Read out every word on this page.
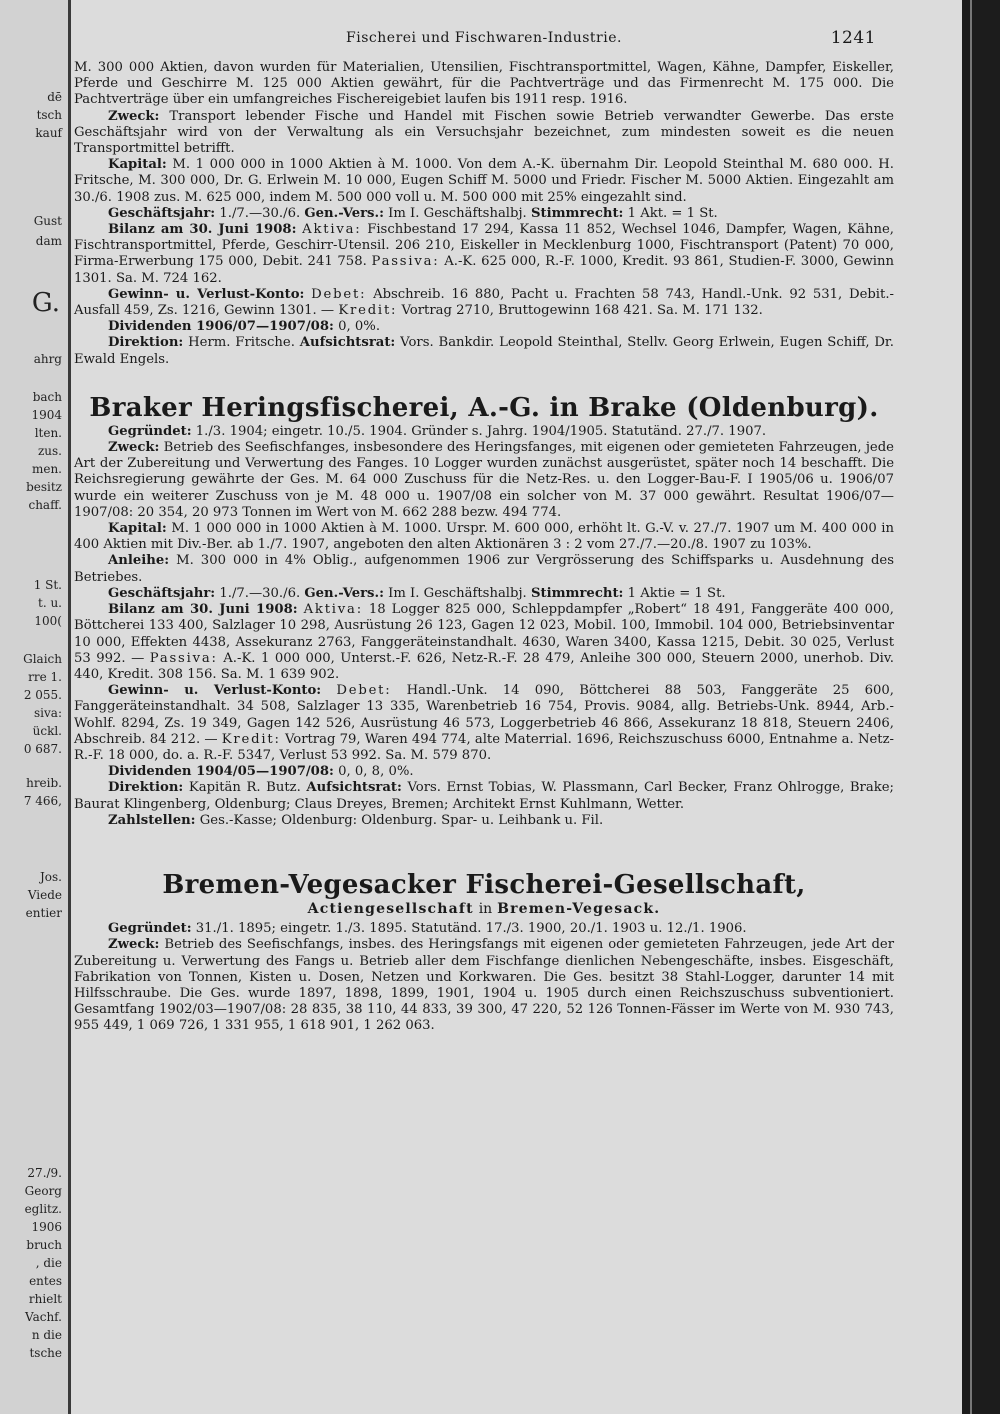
dē
tsch
kauf
Gust
dam
G.
ahrg
bach
1904
lten.
zus.
men.
besitz
chaff.
1 St.
t. u.
100(
Glaich
rre 1.
2 055.
siva:
ückl.
0 687.
hreib.
7 466,
Jos.
Viede
entier
27./9.
Georg
eglitz.
1906
bruch
, die
entes
rhielt
Vachf.
n die
tsche
Fischerei und Fischwaren-Industrie.	1241

M. 300 000 Aktien, davon wurden für Materialien, Utensilien, Fischtransportmittel, Wagen, Kähne, Dampfer, Eiskeller, Pferde und Geschirre M. 125 000 Aktien gewährt, für die Pachtverträge und das Firmenrecht M. 175 000. Die Pachtverträge über ein umfangreiches Fischereigebiet laufen bis 1911 resp. 1916.

Zweck: Transport lebender Fische und Handel mit Fischen sowie Betrieb verwandter Gewerbe. Das erste Geschäftsjahr wird von der Verwaltung als ein Versuchsjahr bezeichnet, zum mindesten soweit es die neuen Transportmittel betrifft.

Kapital: M. 1 000 000 in 1000 Aktien à M. 1000. Von dem A.-K. übernahm Dir. Leopold Steinthal M. 680 000. H. Fritsche, M. 300 000, Dr. G. Erlwein M. 10 000, Eugen Schiff M. 5000 und Friedr. Fischer M. 5000 Aktien. Eingezahlt am 30./6. 1908 zus. M. 625 000, indem M. 500 000 voll u. M. 500 000 mit 25% eingezahlt sind.

Geschäftsjahr: 1./7.—30./6. Gen.-Vers.: Im I. Geschäftshalbj. Stimmrecht: 1 Akt. = 1 St.

Bilanz am 30. Juni 1908: Aktiva: Fischbestand 17 294, Kassa 11 852, Wechsel 1046, Dampfer, Wagen, Kähne, Fischtransportmittel, Pferde, Geschirr-Utensil. 206 210, Eiskeller in Mecklenburg 1000, Fischtransport (Patent) 70 000, Firma-Erwerbung 175 000, Debit. 241 758. Passiva: A.-K. 625 000, R.-F. 1000, Kredit. 93 861, Studien-F. 3000, Gewinn 1301. Sa. M. 724 162.

Gewinn- u. Verlust-Konto: Debet: Abschreib. 16 880, Pacht u. Frachten 58 743, Handl.-Unk. 92 531, Debit.-Ausfall 459, Zs. 1216, Gewinn 1301. — Kredit: Vortrag 2710, Bruttogewinn 168 421. Sa. M. 171 132.

Dividenden 1906/07—1907/08: 0, 0%.

Direktion: Herm. Fritsche. Aufsichtsrat: Vors. Bankdir. Leopold Steinthal, Stellv. Georg Erlwein, Eugen Schiff, Dr. Ewald Engels.

Braker Heringsfischerei, A.-G. in Brake (Oldenburg).

Gegründet: 1./3. 1904; eingetr. 10./5. 1904. Gründer s. Jahrg. 1904/1905. Statutänd. 27./7. 1907.

Zweck: Betrieb des Seefischfanges, insbesondere des Heringsfanges, mit eigenen oder gemieteten Fahrzeugen, jede Art der Zubereitung und Verwertung des Fanges. 10 Logger wurden zunächst ausgerüstet, später noch 14 beschafft. Die Reichsregierung gewährte der Ges. M. 64 000 Zuschuss für die Netz-Res. u. den Logger-Bau-F. I 1905/06 u. 1906/07 wurde ein weiterer Zuschuss von je M. 48 000 u. 1907/08 ein solcher von M. 37 000 gewährt. Resultat 1906/07—1907/08: 20 354, 20 973 Tonnen im Wert von M. 662 288 bezw. 494 774.

Kapital: M. 1 000 000 in 1000 Aktien à M. 1000. Urspr. M. 600 000, erhöht lt. G.-V. v. 27./7. 1907 um M. 400 000 in 400 Aktien mit Div.-Ber. ab 1./7. 1907, angeboten den alten Aktionären 3 : 2 vom 27./7.—20./8. 1907 zu 103%.

Anleihe: M. 300 000 in 4% Oblig., aufgenommen 1906 zur Vergrösserung des Schiffsparks u. Ausdehnung des Betriebes.

Geschäftsjahr: 1./7.—30./6. Gen.-Vers.: Im I. Geschäftshalbj. Stimmrecht: 1 Aktie = 1 St.

Bilanz am 30. Juni 1908: Aktiva: 18 Logger 825 000, Schleppdampfer „Robert“ 18 491, Fanggeräte 400 000, Böttcherei 133 400, Salzlager 10 298, Ausrüstung 26 123, Gagen 12 023, Mobil. 100, Immobil. 104 000, Betriebsinventar 10 000, Effekten 4438, Assekuranz 2763, Fanggeräteinstandhalt. 4630, Waren 3400, Kassa 1215, Debit. 30 025, Verlust 53 992. — Passiva: A.-K. 1 000 000, Unterst.-F. 626, Netz-R.-F. 28 479, Anleihe 300 000, Steuern 2000, unerhob. Div. 440, Kredit. 308 156. Sa. M. 1 639 902.

Gewinn- u. Verlust-Konto: Debet: Handl.-Unk. 14 090, Böttcherei 88 503, Fanggeräte 25 600, Fanggeräteinstandhalt. 34 508, Salzlager 13 335, Warenbetrieb 16 754, Provis. 9084, allg. Betriebs-Unk. 8944, Arb.-Wohlf. 8294, Zs. 19 349, Gagen 142 526, Ausrüstung 46 573, Loggerbetrieb 46 866, Assekuranz 18 818, Steuern 2406, Abschreib. 84 212. — Kredit: Vortrag 79, Waren 494 774, alte Materrial. 1696, Reichszuschuss 6000, Entnahme a. Netz-R.-F. 18 000, do. a. R.-F. 5347, Verlust 53 992. Sa. M. 579 870.

Dividenden 1904/05—1907/08: 0, 0, 8, 0%.

Direktion: Kapitän R. Butz. Aufsichtsrat: Vors. Ernst Tobias, W. Plassmann, Carl Becker, Franz Ohlrogge, Brake; Baurat Klingenberg, Oldenburg; Claus Dreyes, Bremen; Architekt Ernst Kuhlmann, Wetter.

Zahlstellen: Ges.-Kasse; Oldenburg: Oldenburg. Spar- u. Leihbank u. Fil.

Bremen-Vegesacker Fischerei-Gesellschaft,

Actiengesellschaft in Bremen-Vegesack.

Gegründet: 31./1. 1895; eingetr. 1./3. 1895. Statutänd. 17./3. 1900, 20./1. 1903 u. 12./1. 1906.

Zweck: Betrieb des Seefischfangs, insbes. des Heringsfangs mit eigenen oder gemieteten Fahrzeugen, jede Art der Zubereitung u. Verwertung des Fangs u. Betrieb aller dem Fischfange dienlichen Nebengeschäfte, insbes. Eisgeschäft, Fabrikation von Tonnen, Kisten u. Dosen, Netzen und Korkwaren. Die Ges. besitzt 38 Stahl-Logger, darunter 14 mit Hilfsschraube. Die Ges. wurde 1897, 1898, 1899, 1901, 1904 u. 1905 durch einen Reichszuschuss subventioniert. Gesamtfang 1902/03—1907/08: 28 835, 38 110, 44 833, 39 300, 47 220, 52 126 Tonnen-Fässer im Werte von M. 930 743, 955 449, 1 069 726, 1 331 955, 1 618 901, 1 262 063.
